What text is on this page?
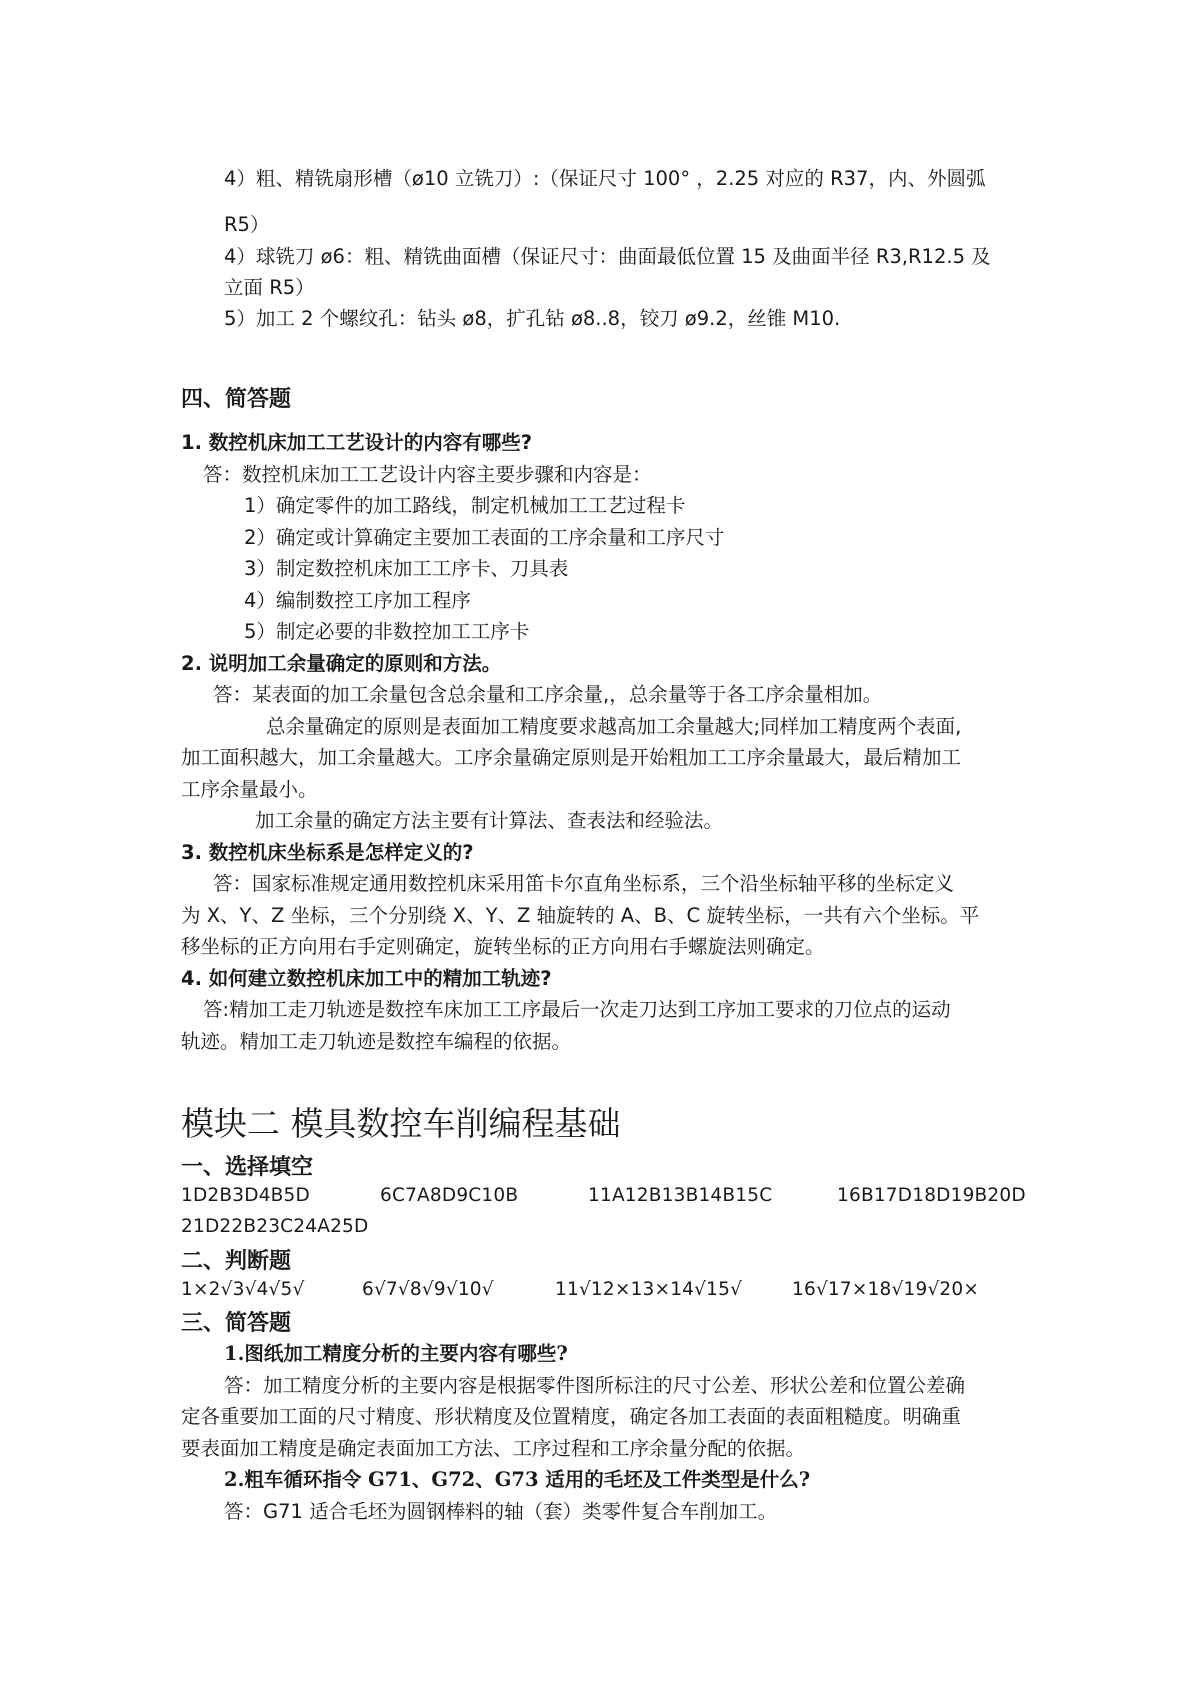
4）粗、精铣扇形槽（ø10 立铣刀）:（保证尺寸 100° ，2.25 对应的 R37，内、外圆弧
R5）
4）球铣刀 ø6：粗、精铣曲面槽（保证尺寸：曲面最低位置 15 及曲面半径 R3,R12.5 及
立面 R5）
5）加工 2 个螺纹孔：钻头 ø8，扩孔钻 ø8..8，铰刀 ø9.2，丝锥 M10.
四、简答题
1. 数控机床加工工艺设计的内容有哪些?
答：数控机床加工工艺设计内容主要步骤和内容是：
1）确定零件的加工路线，制定机械加工工艺过程卡
2）确定或计算确定主要加工表面的工序余量和工序尺寸
3）制定数控机床加工工序卡、刀具表
4）编制数控工序加工程序
5）制定必要的非数控加工工序卡
2. 说明加工余量确定的原则和方法。
答：某表面的加工余量包含总余量和工序余量,，总余量等于各工序余量相加。
总余量确定的原则是表面加工精度要求越高加工余量越大;同样加工精度两个表面,
加工面积越大，加工余量越大。工序余量确定原则是开始粗加工工序余量最大，最后精加工
工序余量最小。
加工余量的确定方法主要有计算法、查表法和经验法。
3. 数控机床坐标系是怎样定义的?
答：国家标准规定通用数控机床采用笛卡尔直角坐标系，三个沿坐标轴平移的坐标定义
为 X、Y、Z 坐标，三个分别绕 X、Y、Z 轴旋转的 A、B、C 旋转坐标，一共有六个坐标。平
移坐标的正方向用右手定则确定，旋转坐标的正方向用右手螺旋法则确定。
4. 如何建立数控机床加工中的精加工轨迹?
答:精加工走刀轨迹是数控车床加工工序最后一次走刀达到工序加工要求的刀位点的运动
轨迹。精加工走刀轨迹是数控车编程的依据。
模块二 模具数控车削编程基础
一、选择填空
1D2B3D4B5D	6C7A8D9C10B	11A12B13B14B15C	16B17D18D19B20D
21D22B23C24A25D
二、判断题
1×2√3√4√5√	6√7√8√9√10√	11√12×13×14√15√	16√17×18√19√20×
三、简答题
1.图纸加工精度分析的主要内容有哪些?
答：加工精度分析的主要内容是根据零件图所标注的尺寸公差、形状公差和位置公差确
定各重要加工面的尺寸精度、形状精度及位置精度，确定各加工表面的表面粗糙度。明确重
要表面加工精度是确定表面加工方法、工序过程和工序余量分配的依据。
2.粗车循环指令 G71、G72、G73 适用的毛坯及工件类型是什么?
答：G71 适合毛坯为圆钢棒料的轴（套）类零件复合车削加工。
